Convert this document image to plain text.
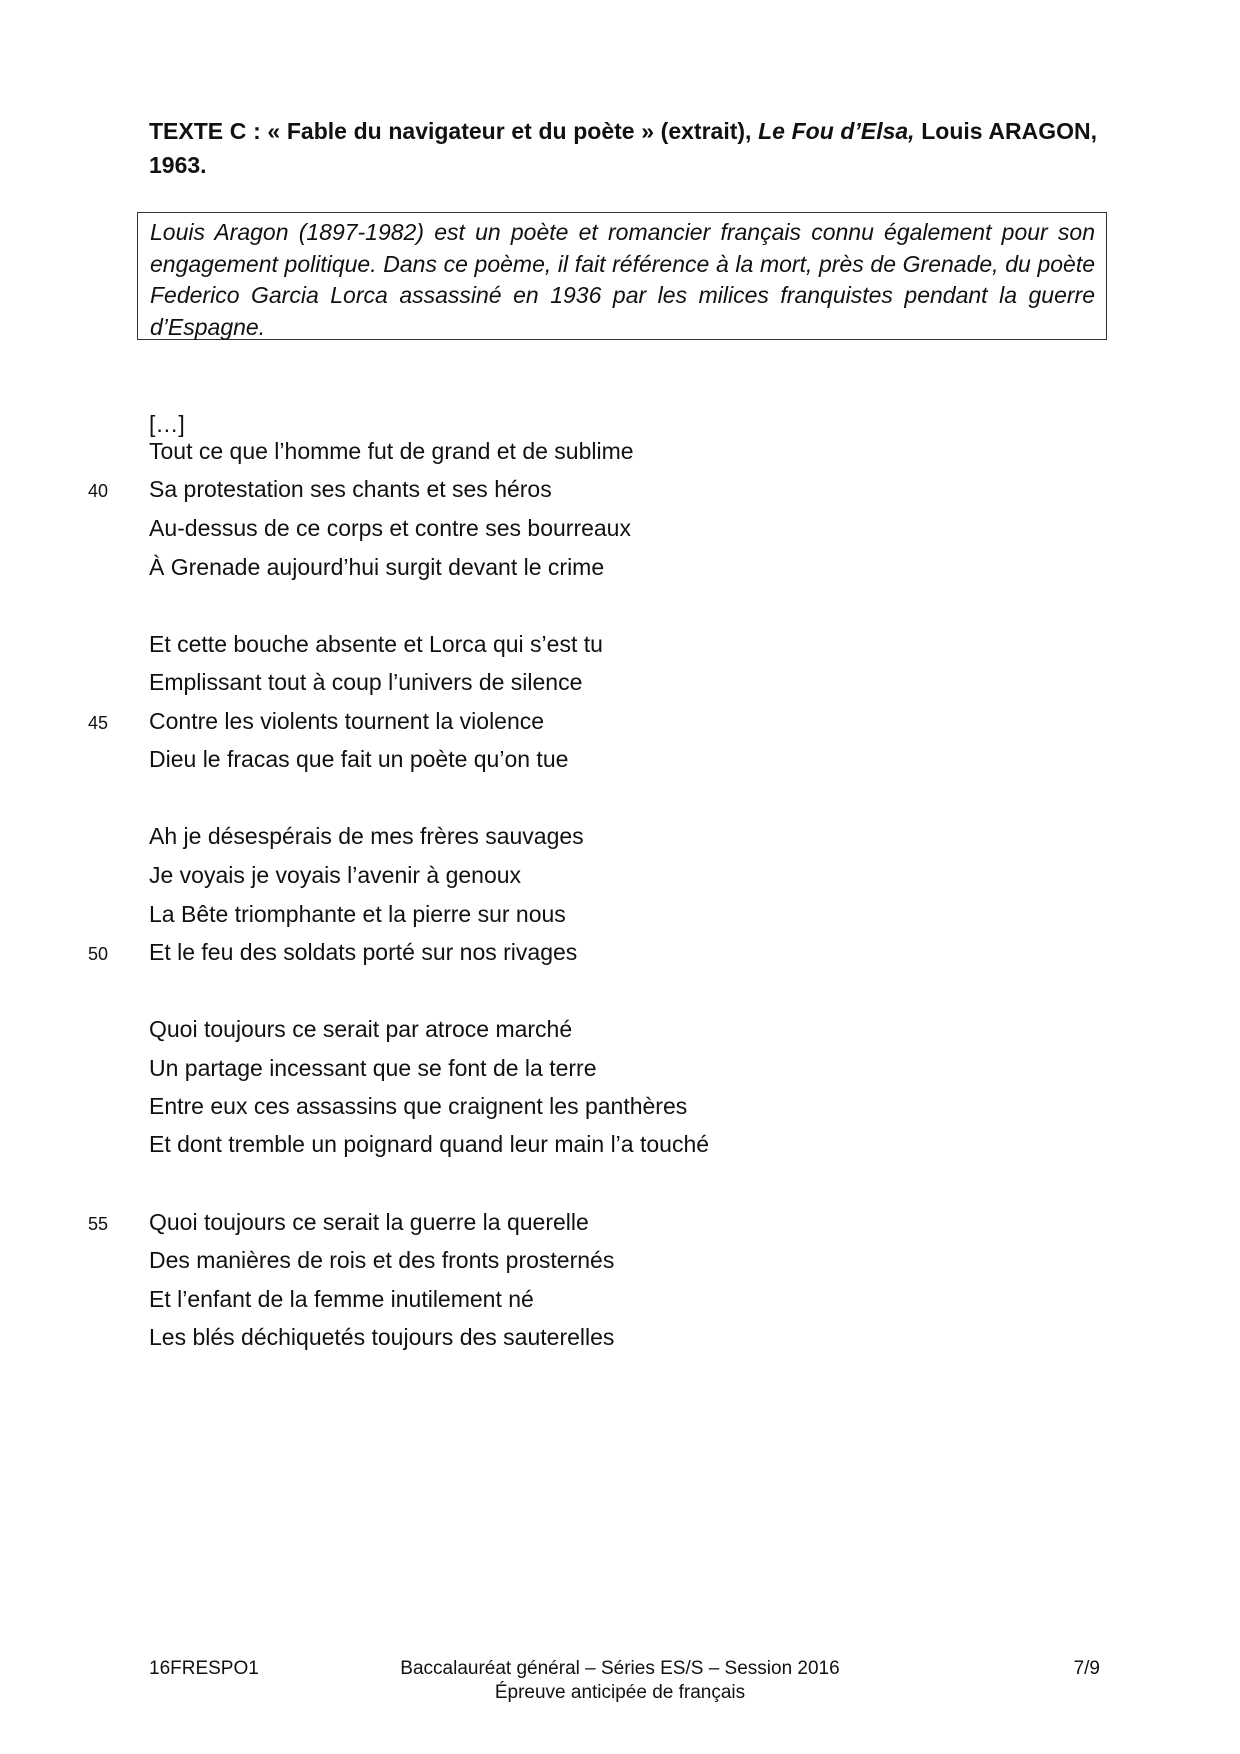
TEXTE C : « Fable du navigateur et du poète » (extrait), Le Fou d’Elsa, Louis ARAGON, 1963.

Louis Aragon (1897-1982) est un poète et romancier français connu également pour son engagement politique. Dans ce poème, il fait référence à la mort, près de Grenade, du poète Federico Garcia Lorca assassiné en 1936 par les milices franquistes pendant la guerre d’Espagne.

[…]
Tout ce que l’homme fut de grand et de sublime
40 Sa protestation ses chants et ses héros
Au-dessus de ce corps et contre ses bourreaux
À Grenade aujourd’hui surgit devant le crime
Et cette bouche absente et Lorca qui s’est tu
Emplissant tout à coup l’univers de silence
45 Contre les violents tournent la violence
Dieu le fracas que fait un poète qu’on tue
Ah je désespérais de mes frères sauvages
Je voyais je voyais l’avenir à genoux
La Bête triomphante et la pierre sur nous
50 Et le feu des soldats porté sur nos rivages
Quoi toujours ce serait par atroce marché
Un partage incessant que se font de la terre
Entre eux ces assassins que craignent les panthères
Et dont tremble un poignard quand leur main l’a touché
55 Quoi toujours ce serait la guerre la querelle
Des manières de rois et des fronts prosternés
Et l’enfant de la femme inutilement né
Les blés déchiquetés toujours des sauterelles
16FRESPO1	Baccalauréat général – Séries ES/S – Session 2016
Épreuve anticipée de français
7/9
